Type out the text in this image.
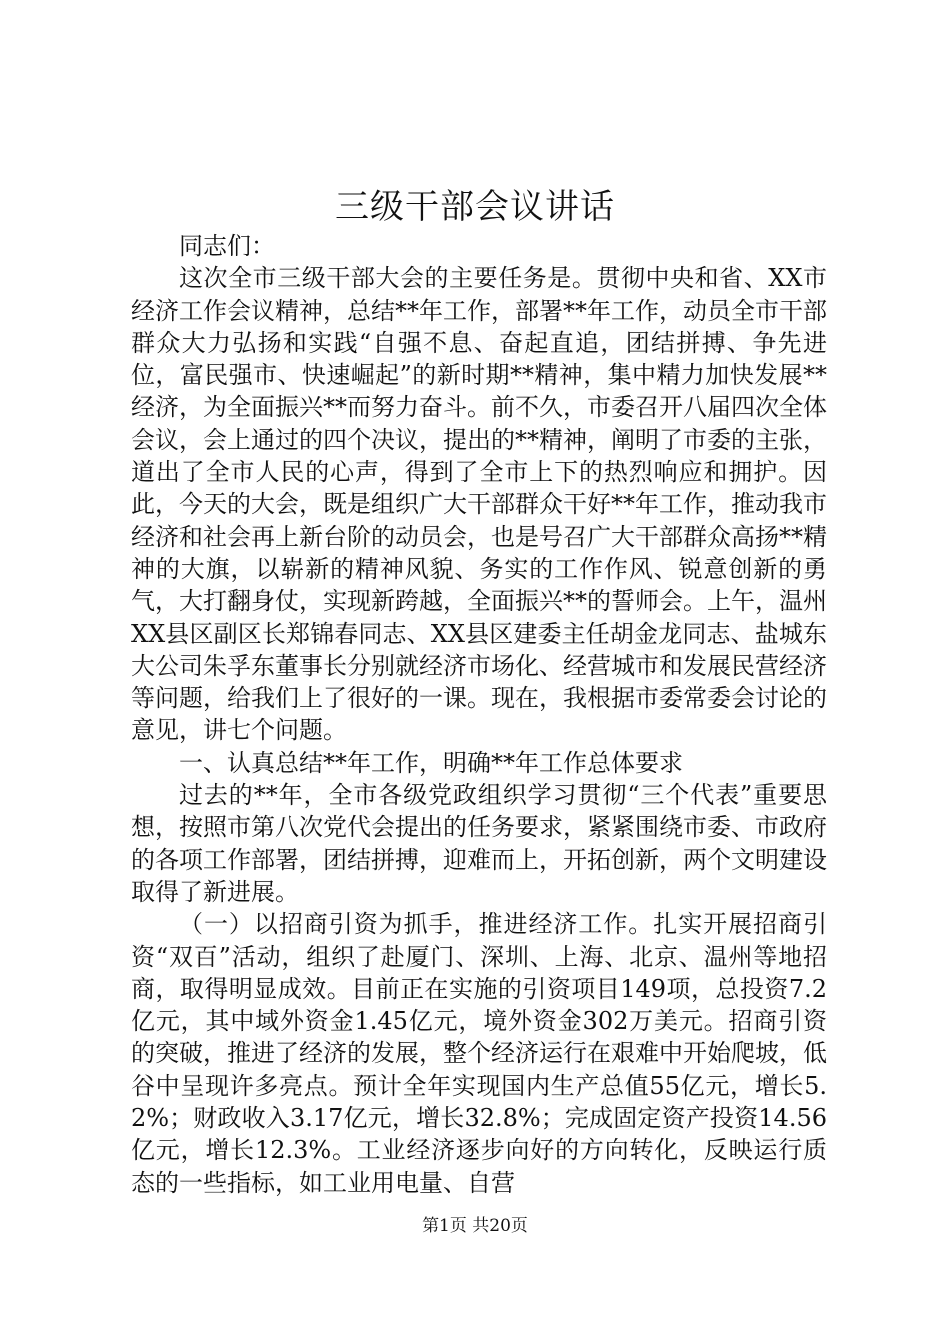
三级干部会议讲话

同志们：

这次全市三级干部大会的主要任务是。贯彻中央和省、XX市经济工作会议精神，总结**年工作，部署**年工作，动员全市干部群众大力弘扬和实践“自强不息、奋起直追，团结拼搏、争先进位，富民强市、快速崛起”的新时期**精神，集中精力加快发展**经济，为全面振兴**而努力奋斗。前不久，市委召开八届四次全体会议，会上通过的四个决议，提出的**精神，阐明了市委的主张，道出了全市人民的心声，得到了全市上下的热烈响应和拥护。因此，今天的大会，既是组织广大干部群众干好**年工作，推动我市经济和社会再上新台阶的动员会，也是号召广大干部群众高扬**精神的大旗，以崭新的精神风貌、务实的工作作风、锐意创新的勇气，大打翻身仗，实现新跨越，全面振兴**的誓师会。上午，温州XX县区副区长郑锦春同志、XX县区建委主任胡金龙同志、盐城东大公司朱孚东董事长分别就经济市场化、经营城市和发展民营经济等问题，给我们上了很好的一课。现在，我根据市委常委会讨论的意见，讲七个问题。

一、认真总结**年工作，明确**年工作总体要求

过去的**年，全市各级党政组织学习贯彻“三个代表”重要思想，按照市第八次党代会提出的任务要求，紧紧围绕市委、市政府的各项工作部署，团结拼搏，迎难而上，开拓创新，两个文明建设取得了新进展。

（一）以招商引资为抓手，推进经济工作。扎实开展招商引资“双百”活动，组织了赴厦门、深圳、上海、北京、温州等地招商，取得明显成效。目前正在实施的引资项目149项，总投资7.2亿元，其中域外资金1.45亿元，境外资金302万美元。招商引资的突破，推进了经济的发展，整个经济运行在艰难中开始爬坡，低谷中呈现许多亮点。预计全年实现国内生产总值55亿元，增长5.2%；财政收入3.17亿元，增长32.8%；完成固定资产投资14.56亿元，增长12.3%。工业经济逐步向好的方向转化，反映运行质态的一些指标，如工业用电量、自营

第1页 共20页
